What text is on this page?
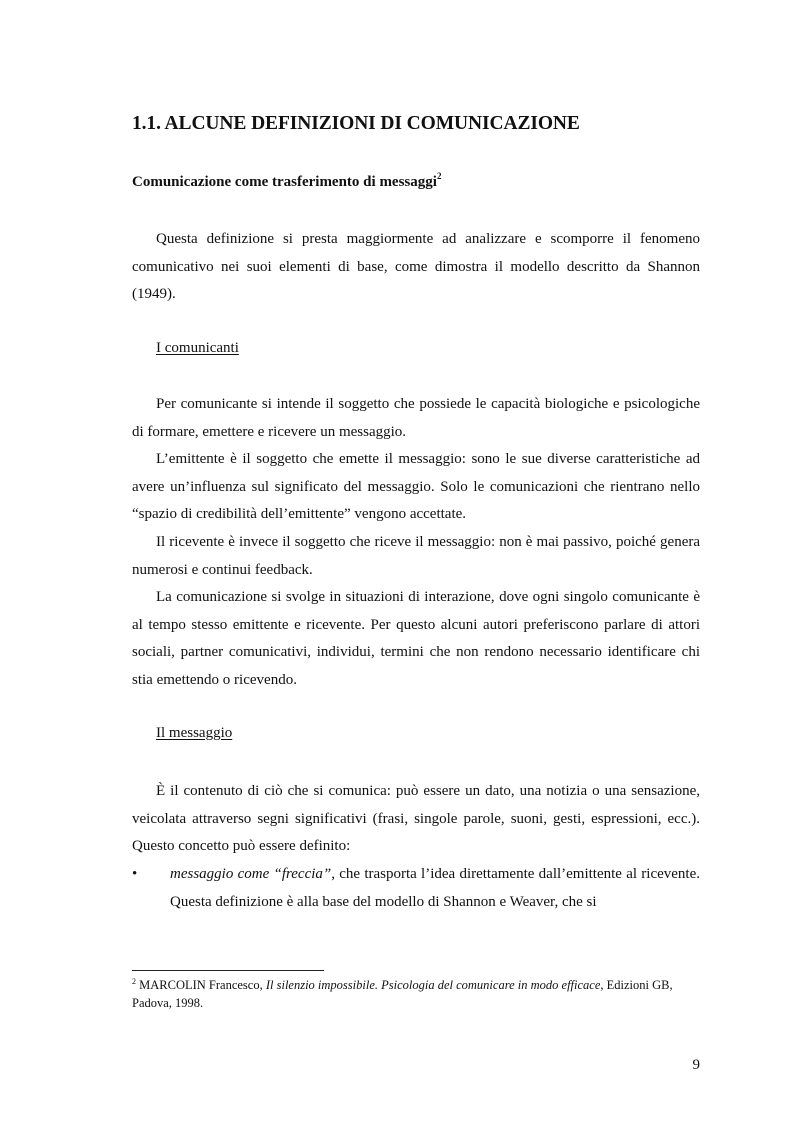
1.1. ALCUNE DEFINIZIONI DI COMUNICAZIONE

Comunicazione come trasferimento di messaggi$^2$

Questa definizione si presta maggiormente ad analizzare e scomporre il fenomeno comunicativo nei suoi elementi di base, come dimostra il modello descritto da Shannon (1949).

I comunicanti

Per comunicante si intende il soggetto che possiede le capacità biologiche e psicologiche di formare, emettere e ricevere un messaggio.

L’emittente è il soggetto che emette il messaggio: sono le sue diverse caratteristiche ad avere un’influenza sul significato del messaggio. Solo le comunicazioni che rientrano nello “spazio di credibilità dell’emittente” vengono accettate.

Il ricevente è invece il soggetto che riceve il messaggio: non è mai passivo, poiché genera numerosi e continui feedback.

La comunicazione si svolge in situazioni di interazione, dove ogni singolo comunicante è al tempo stesso emittente e ricevente. Per questo alcuni autori preferiscono parlare di attori sociali, partner comunicativi, individui, termini che non rendono necessario identificare chi stia emettendo o ricevendo.

Il messaggio

È il contenuto di ciò che si comunica: può essere un dato, una notizia o una sensazione, veicolata attraverso segni significativi (frasi, singole parole, suoni, gesti, espressioni, ecc.). Questo concetto può essere definito:

• messaggio come “freccia”, che trasporta l’idea direttamente dall’emittente al ricevente. Questa definizione è alla base del modello di Shannon e Weaver, che si

$^2$ MARCOLIN Francesco, Il silenzio impossibile. Psicologia del comunicare in modo efficace, Edizioni GB, Padova, 1998.

9
